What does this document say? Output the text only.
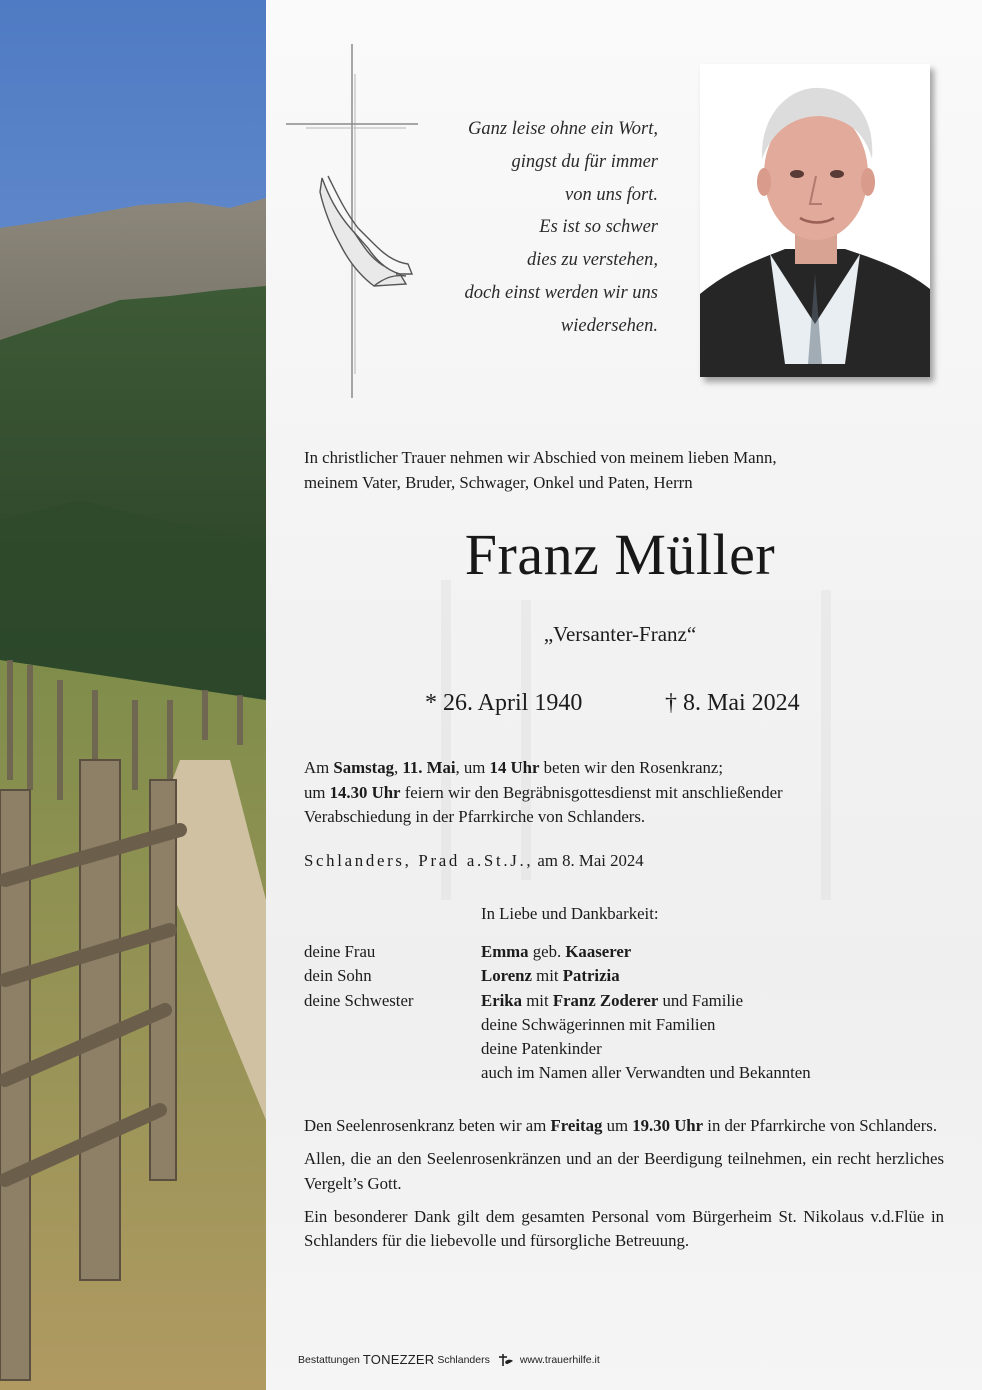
Ganz leise ohne ein Wort,
gingst du für immer
von uns fort.
Es ist so schwer
dies zu verstehen,
doch einst werden wir uns
wiedersehen.
In christlicher Trauer nehmen wir Abschied von meinem lieben Mann,
meinem Vater, Bruder, Schwager, Onkel und Paten, Herrn
Franz Müller
„Versanter-Franz“
* 26. April 1940	† 8. Mai 2024
Am Samstag, 11. Mai, um 14 Uhr beten wir den Rosenkranz;
um 14.30 Uhr feiern wir den Begräbnisgottesdienst mit anschließender
Verabschiedung in der Pfarrkirche von Schlanders.
Schlanders, Prad a.St.J., am 8. Mai 2024
In Liebe und Dankbarkeit:
deine Frau	Emma geb. Kaaserer
dein Sohn	Lorenz mit Patrizia
deine Schwester	Erika mit Franz Zoderer und Familie
deine Schwägerinnen mit Familien
deine Patenkinder
auch im Namen aller Verwandten und Bekannten

Den Seelenrosenkranz beten wir am Freitag um 19.30 Uhr in der Pfarrkirche von Schlanders.

Allen, die an den Seelenrosenkränzen und an der Beerdigung teilnehmen, ein recht herzliches Vergelt’s Gott.

Ein besonderer Dank gilt dem gesamten Personal vom Bürgerheim St. Nikolaus v.d.Flüe in Schlanders für die liebevolle und fürsorgliche Betreuung.

Bestattungen TONEZZER Schlanders	www.trauerhilfe.it
